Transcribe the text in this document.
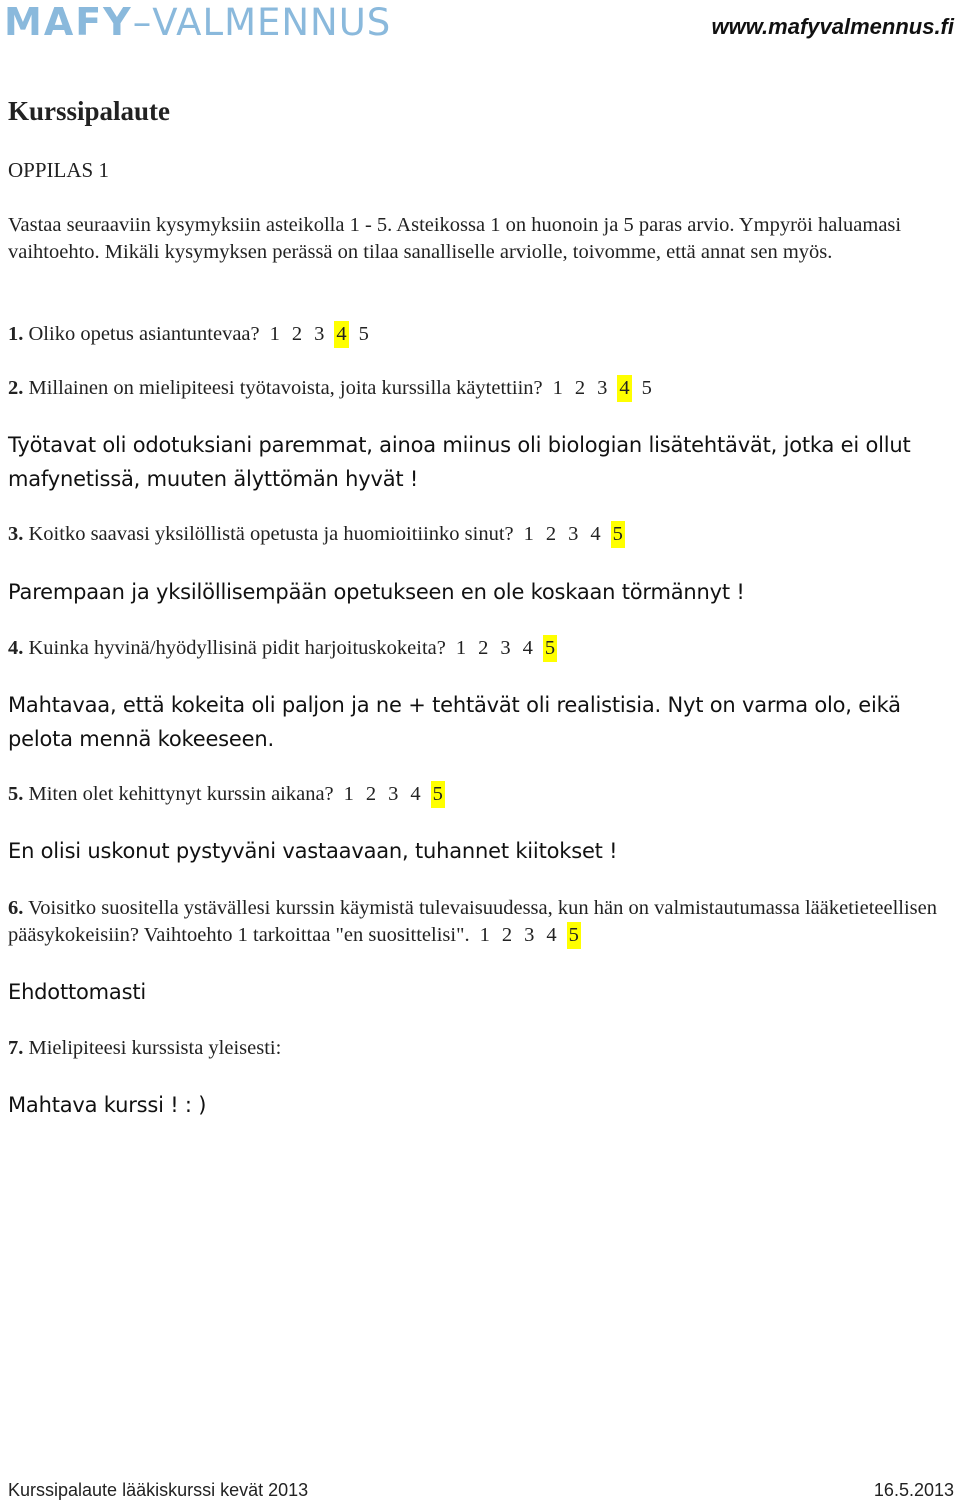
MAFY–VALMENNUS	www.mafyvalmennus.fi
Kurssipalaute
OPPILAS 1
Vastaa seuraaviin kysymyksiin asteikolla 1 - 5. Asteikossa 1 on huonoin ja 5 paras arvio. Ympyröi haluamasi vaihtoehto. Mikäli kysymyksen perässä on tilaa sanalliselle arviolle, toivomme, että annat sen myös.
1. Oliko opetus asiantuntevaa? 1 2 3 4 5
2. Millainen on mielipiteesi työtavoista, joita kurssilla käytettiin? 1 2 3 4 5
Työtavat oli odotuksiani paremmat, ainoa miinus oli biologian lisätehtävät, jotka ei ollut mafynetissä, muuten älyttömän hyvät !
3. Koitko saavasi yksilöllistä opetusta ja huomioitiinko sinut? 1 2 3 4 5
Parempaan ja yksilöllisempään opetukseen en ole koskaan törmännyt !
4. Kuinka hyvinä/hyödyllisinä pidit harjoituskokeita? 1 2 3 4 5
Mahtavaa, että kokeita oli paljon ja ne + tehtävät oli realistisia. Nyt on varma olo, eikä pelota mennä kokeeseen.
5. Miten olet kehittynyt kurssin aikana? 1 2 3 4 5
En olisi uskonut pystyväni vastaavaan, tuhannet kiitokset !
6. Voisitko suositella ystävällesi kurssin käymistä tulevaisuudessa, kun hän on valmistautumassa lääketieteellisen pääsykokeisiin? Vaihtoehto 1 tarkoittaa "en suosittelisi". 1 2 3 4 5
Ehdottomasti
7. Mielipiteesi kurssista yleisesti:
Mahtava kurssi ! : )
Kurssipalaute lääkiskurssi kevät 2013	16.5.2013
